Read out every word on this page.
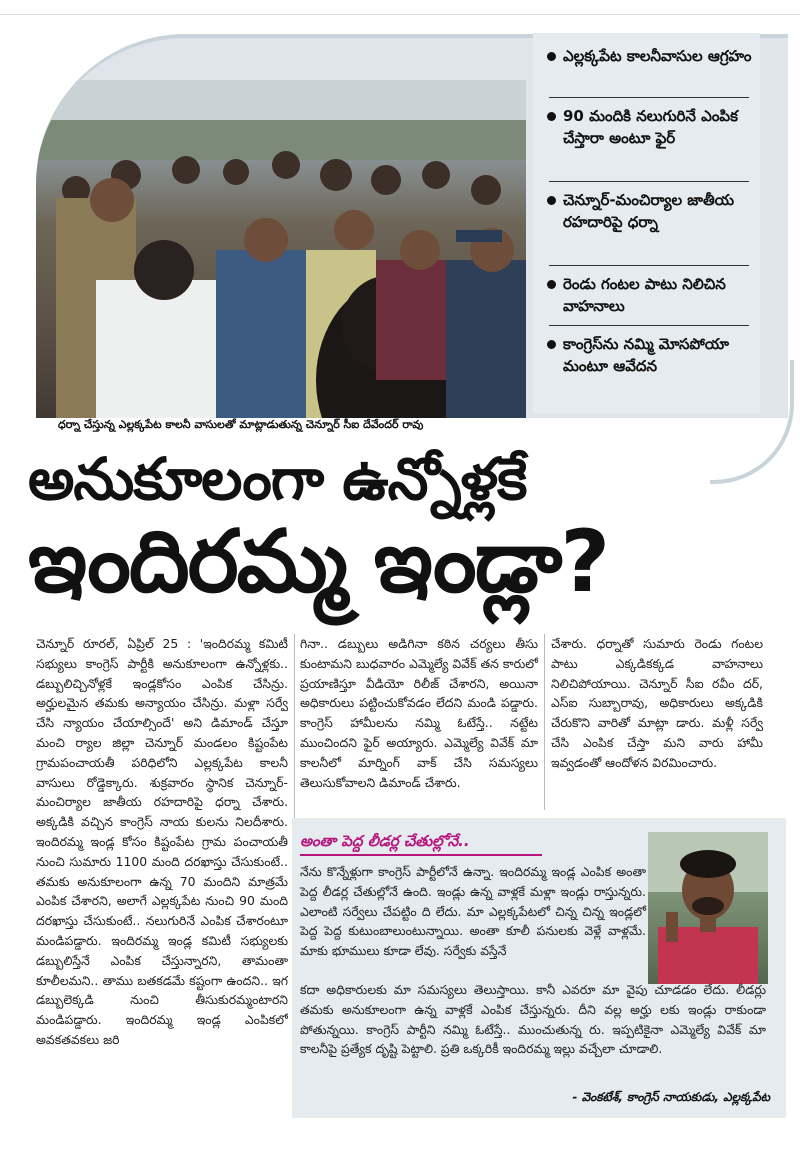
ఎల్లక్కపేట కాలనీవాసుల ఆగ్రహం
90 మందికి నలుగురినే ఎంపిక చేస్తారా అంటూ ఫైర్
చెన్నూర్‌-మంచిర్యాల జాతీయ రహదారిపై ధర్నా
రెండు గంటల పాటు నిలిచిన వాహనాలు
కాంగ్రెస్‌ను నమ్మి మోసపోయా మంటూ ఆవేదన
ధర్నా చేస్తున్న ఎల్లక్కపేట కాలనీ వాసులతో మాట్లాడుతున్న చెన్నూర్‌ సీఐ దేవేందర్‌ రావు
అనుకూలంగా ఉన్నోళ్లకే
ఇందిరమ్మ ఇండ్లా?
చెన్నూర్‌ రూరల్‌, ఏప్రిల్‌ 25 : 'ఇందిరమ్మ కమిటీ సభ్యులు కాంగ్రెస్‌ పార్టీకి అనుకూలంగా ఉన్నోళ్లకు.. డబ్బులిచ్చినోళ్లకే ఇండ్లకోసం ఎంపిక చేసిన్రు. అర్హులమైన తమకు అన్యాయం చేసిన్రు. మళ్లా సర్వే చేసి న్యాయం చేయాల్సిందే' అని డిమాండ్‌ చేస్తూ మంచి ర్యాల జిల్లా చెన్నూర్‌ మండలం కిష్టంపేట గ్రామపంచాయతీ పరిధిలోని ఎల్లక్కపేట కాలనీ వాసులు రోడ్డెక్కారు. శుక్రవారం స్థానిక చెన్నూర్‌-మంచిర్యాల జాతీయ రహదారిపై ధర్నా చేశారు. అక్కడికి వచ్చిన కాంగ్రెస్‌ నాయ కులను నిలదీశారు. ఇందిరమ్మ ఇండ్ల కోసం కిష్టంపేట గ్రామ పంచాయతీ నుంచి సుమారు 1100 మంది దరఖాస్తు చేసుకుంటే.. తమకు అనుకూలంగా ఉన్న 70 మందిని మాత్రమే ఎంపిక చేశారని, అలాగే ఎల్లక్కపేట నుంచి 90 మంది దరఖాస్తు చేసుకుంటే.. నలుగురినే ఎంపిక చేశారంటూ మండిపడ్డారు. ఇందిరమ్మ ఇండ్ల కమిటీ సభ్యులకు డబ్బులిస్తేనే ఎంపిక చేస్తున్నారని, తామంతా కూలీలమని.. తాము బతకడమే కష్టంగా ఉందని.. ఇగ డబ్బులెక్కడి నుంచి తీసుకురమ్మంటారని మండిపడ్డారు. ఇందిరమ్మ ఇండ్ల ఎంపికలో అవకతవకలు జరి
గినా.. డబ్బులు అడిగినా కఠిన చర్యలు తీసు కుంటామని బుధవారం ఎమ్మెల్యే వివేక్‌ తన కారులో ప్రయాణిస్తూ వీడియో రిలీజ్‌ చేశారని, అయినా అధికారులు పట్టించుకోవడం లేదని మండి పడ్డారు. కాంగ్రెస్‌ హామీలను నమ్మి ఓటేస్తే.. నట్టేట ముంచిందని ఫైర్‌ అయ్యారు. ఎమ్మెల్యే వివేక్‌ మా కాలనీలో మార్నింగ్‌ వాక్‌ చేసి సమస్యలు తెలుసుకోవాలని డిమాండ్‌ చేశారు.
చేశారు. ధర్నాతో సుమారు రెండు గంటల పాటు ఎక్కడికక్కడ వాహనాలు నిలిచిపోయాయి. చెన్నూర్‌ సీఐ రవీం దర్‌, ఎస్‌ఐ సుబ్బారావు, అధికారులు అక్కడికి చేరుకొని వారితో మాట్లా డారు. మళ్లీ సర్వే చేసి ఎంపిక చేస్తా మని వారు హామీ ఇవ్వడంతో ఆందోళన విరమించారు.
అంతా పెద్ద లీడర్ల చేతుల్లోనే..
నేను కొన్నేళ్లుగా కాంగ్రెస్‌ పార్టీలోనే ఉన్నా. ఇందిరమ్మ ఇండ్ల ఎంపిక అంతా పెద్ద లీడర్ల చేతుల్లోనే ఉంది. ఇండ్లు ఉన్న వాళ్లకే మళ్లా ఇండ్లు రాస్తున్నరు. ఎలాంటి సర్వేలు చేపట్టిం ది లేదు. మా ఎల్లక్కపేటలో చిన్న చిన్న ఇండ్లలో పెద్ద పెద్ద కుటుంబాలుంటున్నాయి. అంతా కూలీ పనులకు వెళ్లే వాళ్లమే. మాకు భూములు కూడా లేవు. సర్వేకు వస్తేనే
కదా అధికారులకు మా సమస్యలు తెలుస్తాయి. కానీ ఎవరూ మా వైపు చూడడం లేదు. లీడర్లు తమకు అనుకూలంగా ఉన్న వాళ్లకే ఎంపిక చేస్తున్నరు. దీని వల్ల అర్హు లకు ఇండ్లు రాకుండా పోతున్నయి. కాంగ్రెస్‌ పార్టీని నమ్మి ఓటేస్తే.. ముంచుతున్న రు. ఇప్పటికైనా ఎమ్మెల్యే వివేక్‌ మా కాలనీపై ప్రత్యేక దృష్టి పెట్టాలి. ప్రతి ఒక్కరికీ ఇందిరమ్మ ఇల్లు వచ్చేలా చూడాలి.
- వెంకటేశ్‌, కాంగ్రెస్‌ నాయకుడు, ఎల్లక్కపేట
